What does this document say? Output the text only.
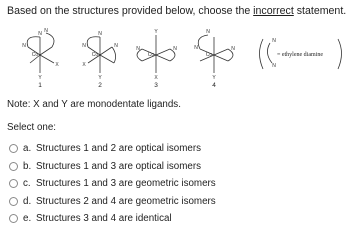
Based on the structures provided below, choose the incorrect statement.
N
N
N
Co
X
Y
N
N	N
Co
X
Y
Y
N	N
Co
X
N
N	N
Co
Y
N
N
1	2	3	4
= ethylene diamine
Note: X and Y are monodentate ligands.
Select one:
a. Structures 1 and 2 are optical isomers
b. Structures 1 and 3 are optical isomers
c. Structures 1 and 3 are geometric isomers
d. Structures 2 and 4 are geometric isomers
e. Structures 3 and 4 are identical
